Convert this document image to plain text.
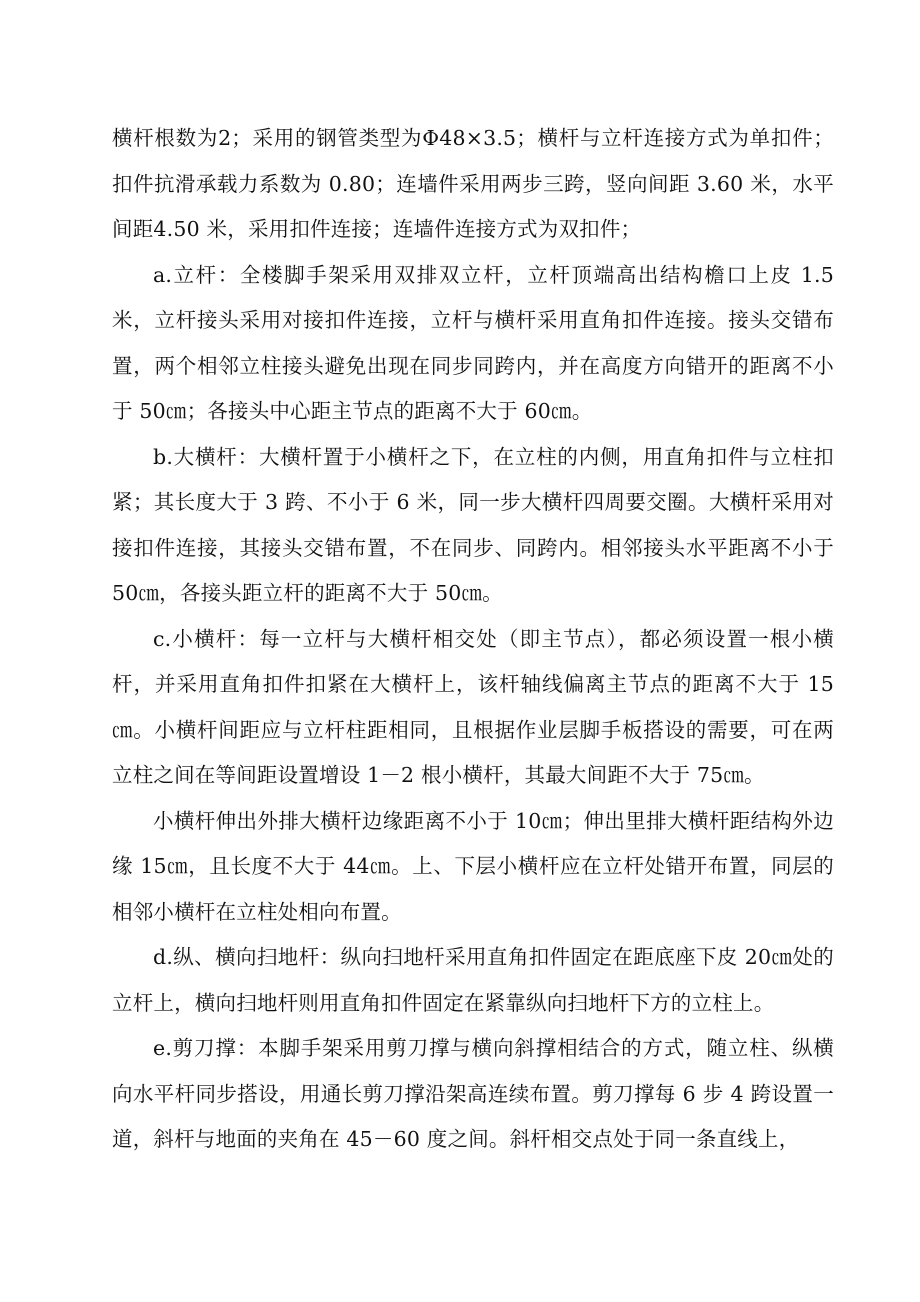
横杆根数为2；采用的钢管类型为Φ48×3.5；横杆与立杆连接方式为单扣件；扣件抗滑承载力系数为 0.80；连墙件采用两步三跨，竖向间距 3.60 米，水平间距4.50 米，采用扣件连接；连墙件连接方式为双扣件；

a.立杆：全楼脚手架采用双排双立杆，立杆顶端高出结构檐口上皮 1.5 米，立杆接头采用对接扣件连接，立杆与横杆采用直角扣件连接。接头交错布置，两个相邻立柱接头避免出现在同步同跨内，并在高度方向错开的距离不小于 50㎝；各接头中心距主节点的距离不大于 60㎝。

b.大横杆：大横杆置于小横杆之下，在立柱的内侧，用直角扣件与立柱扣紧；其长度大于 3 跨、不小于 6 米，同一步大横杆四周要交圈。大横杆采用对接扣件连接，其接头交错布置，不在同步、同跨内。相邻接头水平距离不小于 50㎝，各接头距立杆的距离不大于 50㎝。

c.小横杆：每一立杆与大横杆相交处（即主节点），都必须设置一根小横杆，并采用直角扣件扣紧在大横杆上，该杆轴线偏离主节点的距离不大于 15㎝。小横杆间距应与立杆柱距相同，且根据作业层脚手板搭设的需要，可在两立柱之间在等间距设置增设 1－2 根小横杆，其最大间距不大于 75㎝。

小横杆伸出外排大横杆边缘距离不小于 10㎝；伸出里排大横杆距结构外边缘 15㎝，且长度不大于 44㎝。上、下层小横杆应在立杆处错开布置，同层的相邻小横杆在立柱处相向布置。

d.纵、横向扫地杆：纵向扫地杆采用直角扣件固定在距底座下皮 20㎝处的立杆上，横向扫地杆则用直角扣件固定在紧靠纵向扫地杆下方的立柱上。

e.剪刀撑：本脚手架采用剪刀撑与横向斜撑相结合的方式，随立柱、纵横向水平杆同步搭设，用通长剪刀撑沿架高连续布置。剪刀撑每 6 步 4 跨设置一道，斜杆与地面的夹角在 45－60 度之间。斜杆相交点处于同一条直线上，
